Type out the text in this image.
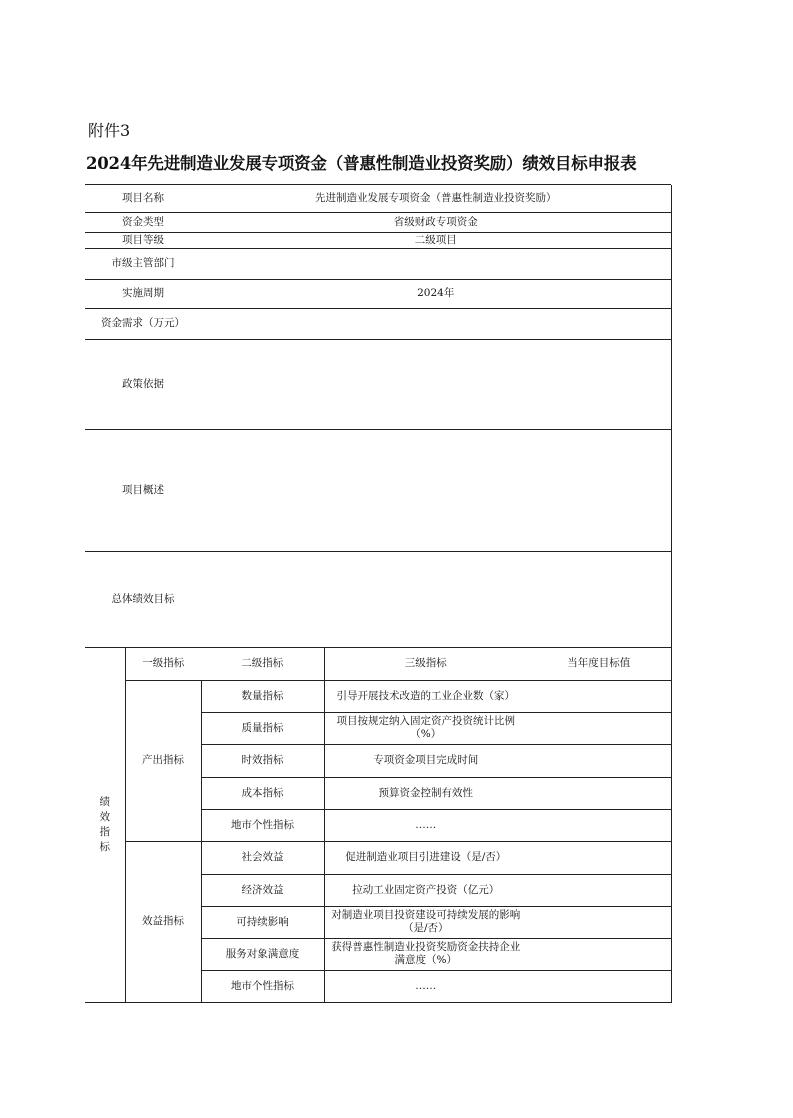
附件3
2024年先进制造业发展专项资金（普惠性制造业投资奖励）绩效目标申报表
项目名称		先进制造业发展专项资金（普惠性制造业投资奖励）		
资金类型		省级财政专项资金		
项目等级		二级项目		
市级主管部门				
实施周期		2024年		
资金需求（万元）				
政策依据				
项目概述				
总体绩效目标				

绩
效
指
标	一级指标	二级指标	三级指标	当年度目标值
	产出指标	数量指标	引导开展技术改造的工业企业数（家）	
		质量指标	项目按规定纳入固定资产投资统计比例（%）	
		时效指标	专项资金项目完成时间	
		成本指标	预算资金控制有效性	
		地市个性指标	……	
	效益指标	社会效益	促进制造业项目引进建设（是/否）	
		经济效益	拉动工业固定资产投资（亿元）	
		可持续影响	对制造业项目投资建设可持续发展的影响（是/否）	
		服务对象满意度	获得普惠性制造业投资奖励资金扶持企业满意度（%）	
		地市个性指标	……	
